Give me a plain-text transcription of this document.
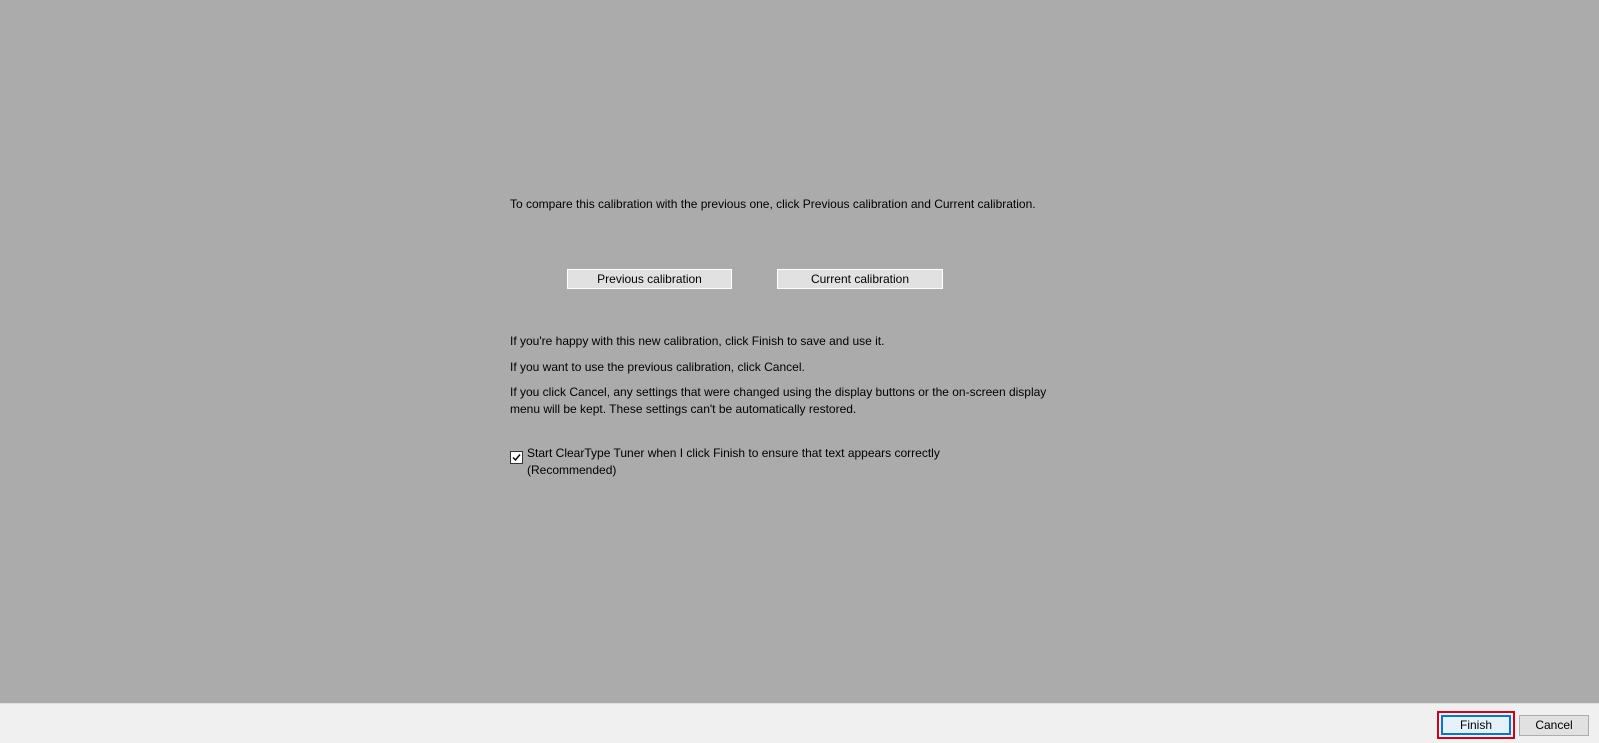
To compare this calibration with the previous one, click Previous calibration and Current calibration.

Previous calibration	Current calibration

If you're happy with this new calibration, click Finish to save and use it.

If you want to use the previous calibration, click Cancel.

If you click Cancel, any settings that were changed using the display buttons or the on-screen display menu will be kept. These settings can't be automatically restored.

Start ClearType Tuner when I click Finish to ensure that text appears correctly (Recommended)
Finish	Cancel
